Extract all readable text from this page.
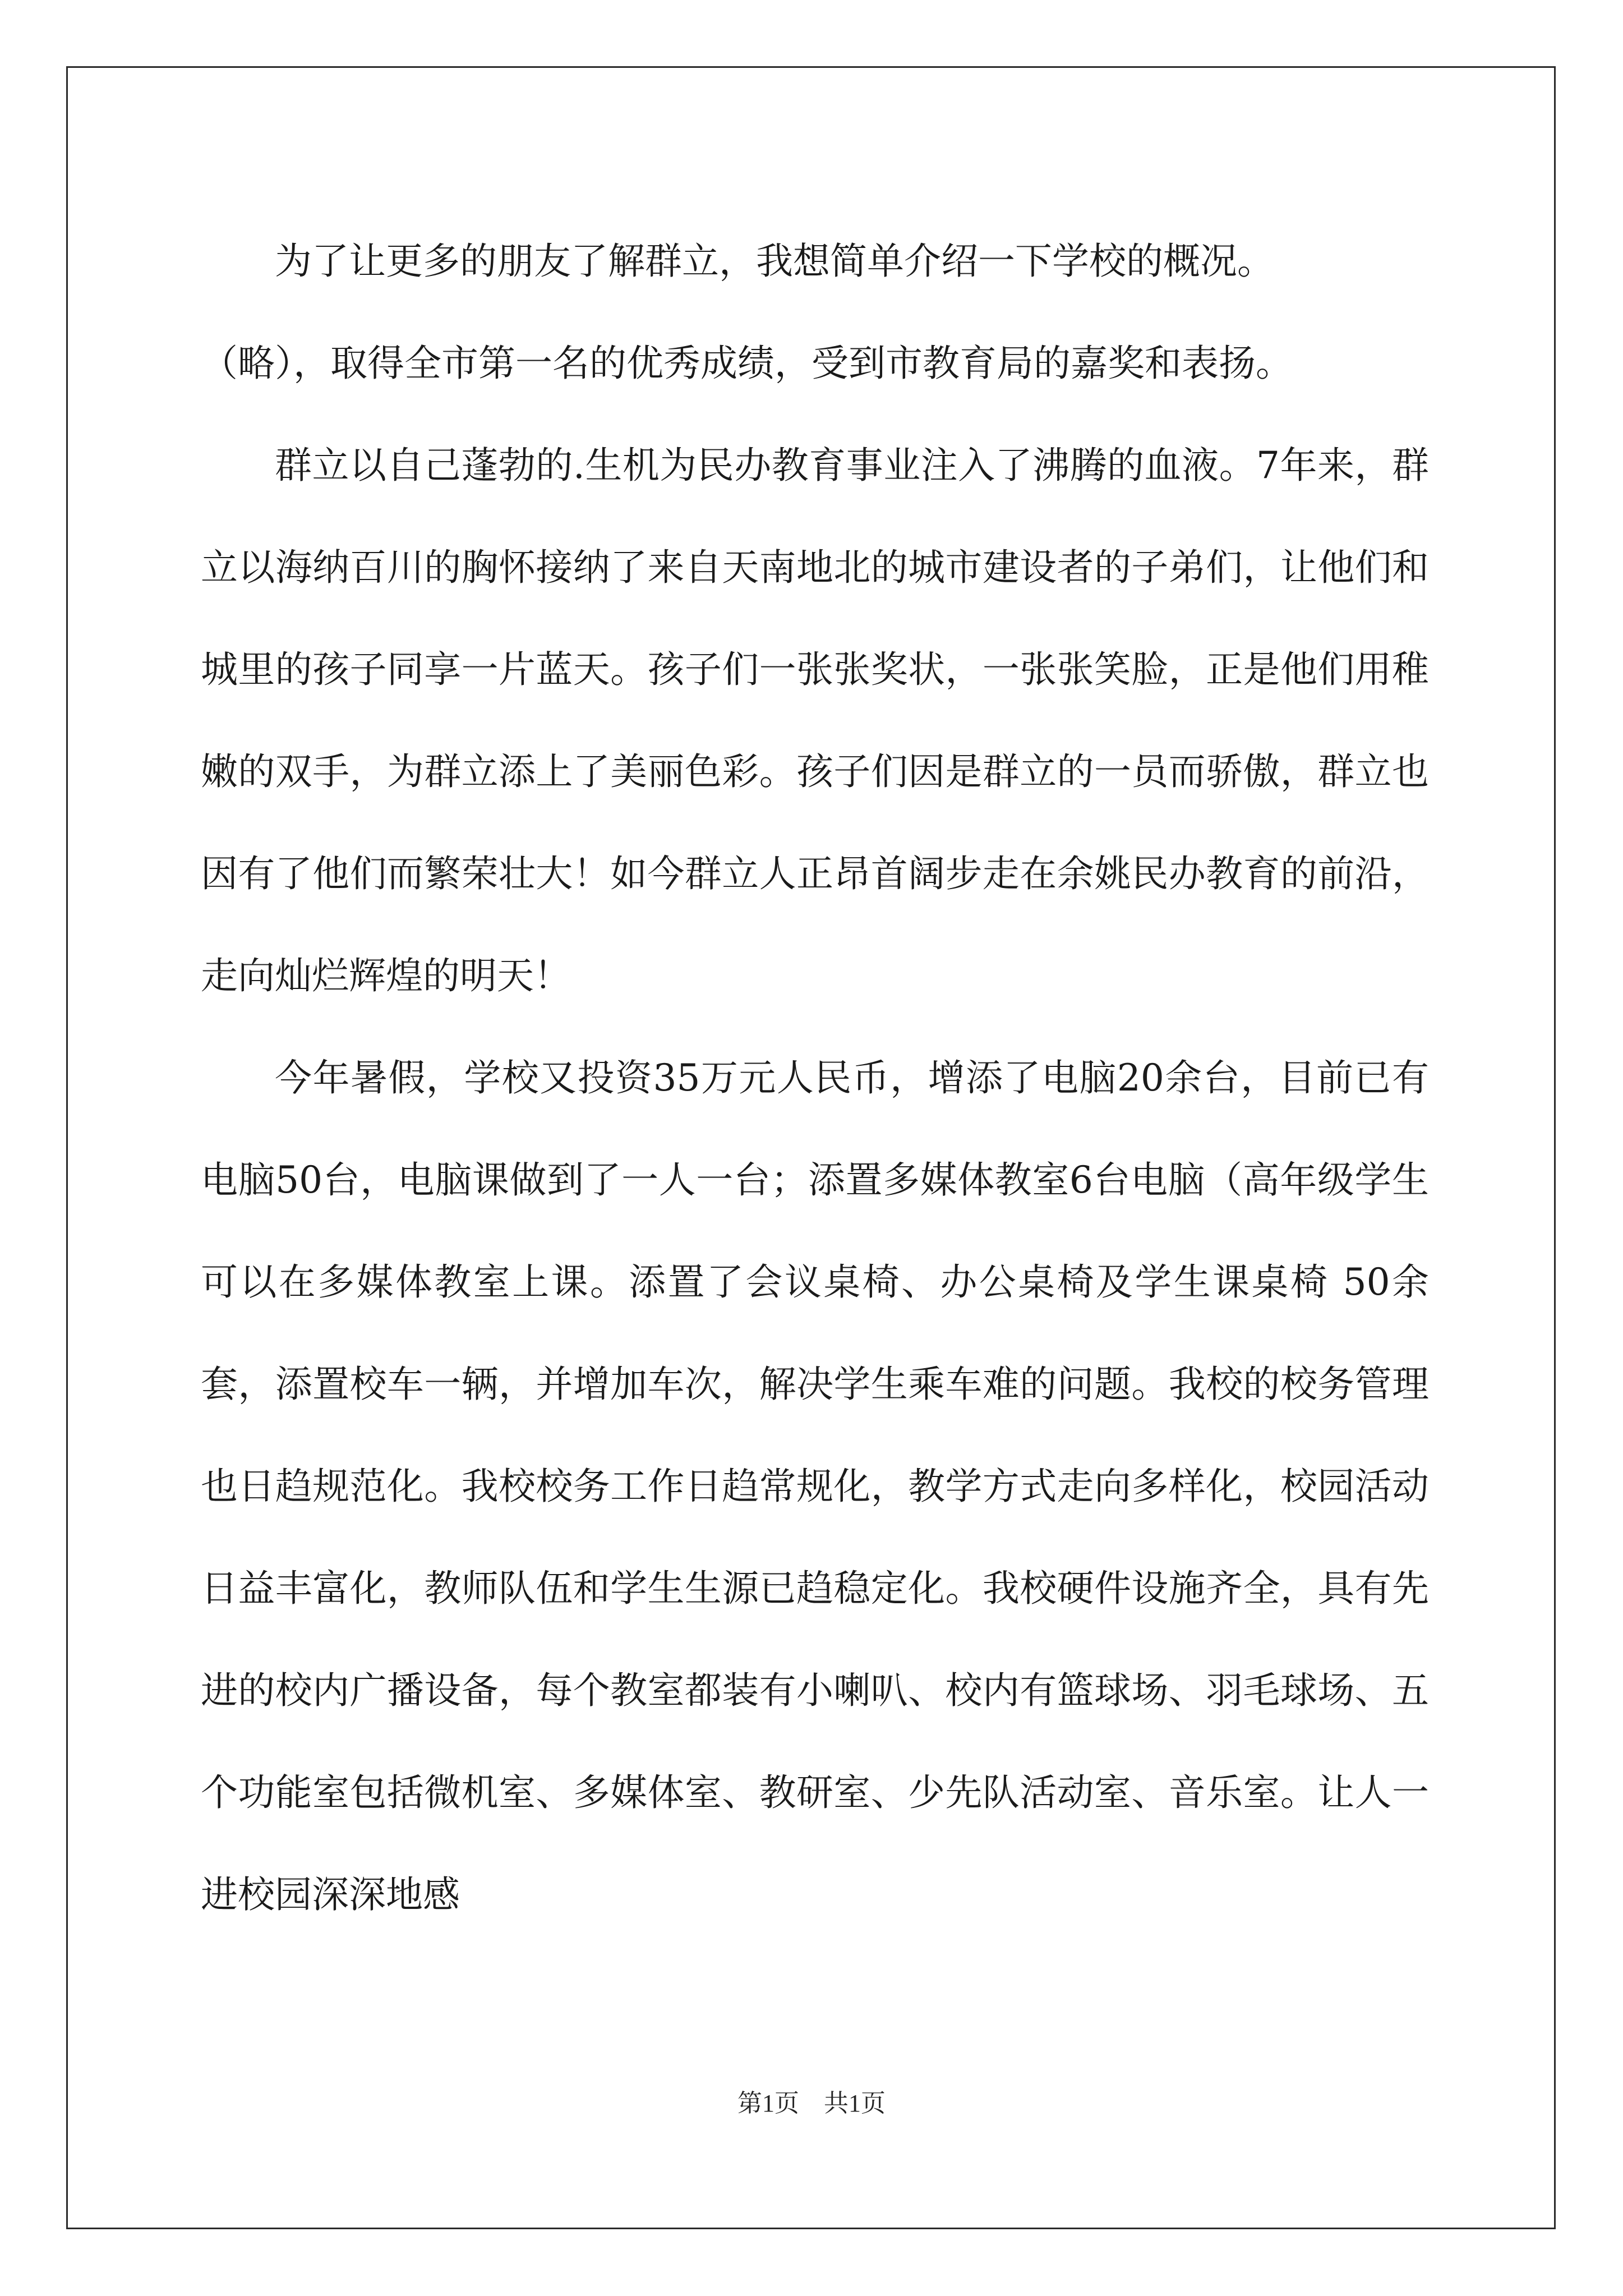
为了让更多的朋友了解群立，我想简单介绍一下学校的概况。

（略），取得全市第一名的优秀成绩，受到市教育局的嘉奖和表扬。

群立以自己蓬勃的.生机为民办教育事业注入了沸腾的血液。7年来，群立以海纳百川的胸怀接纳了来自天南地北的城市建设者的子弟们，让他们和城里的孩子同享一片蓝天。孩子们一张张奖状，一张张笑脸，正是他们用稚嫩的双手，为群立添上了美丽色彩。孩子们因是群立的一员而骄傲，群立也因有了他们而繁荣壮大！如今群立人正昂首阔步走在余姚民办教育的前沿，走向灿烂辉煌的明天！

今年暑假，学校又投资35万元人民币，增添了电脑20余台，目前已有电脑50台，电脑课做到了一人一台；添置多媒体教室6台电脑（高年级学生可以在多媒体教室上课。添置了会议桌椅、办公桌椅及学生课桌椅 50余套，添置校车一辆，并增加车次，解决学生乘车难的问题。我校的校务管理也日趋规范化。我校校务工作日趋常规化，教学方式走向多样化，校园活动日益丰富化，教师队伍和学生生源已趋稳定化。我校硬件设施齐全，具有先进的校内广播设备，每个教室都装有小喇叭、校内有篮球场、羽毛球场、五个功能室包括微机室、多媒体室、教研室、少先队活动室、音乐室。让人一进校园深深地感

第1页 共1页
